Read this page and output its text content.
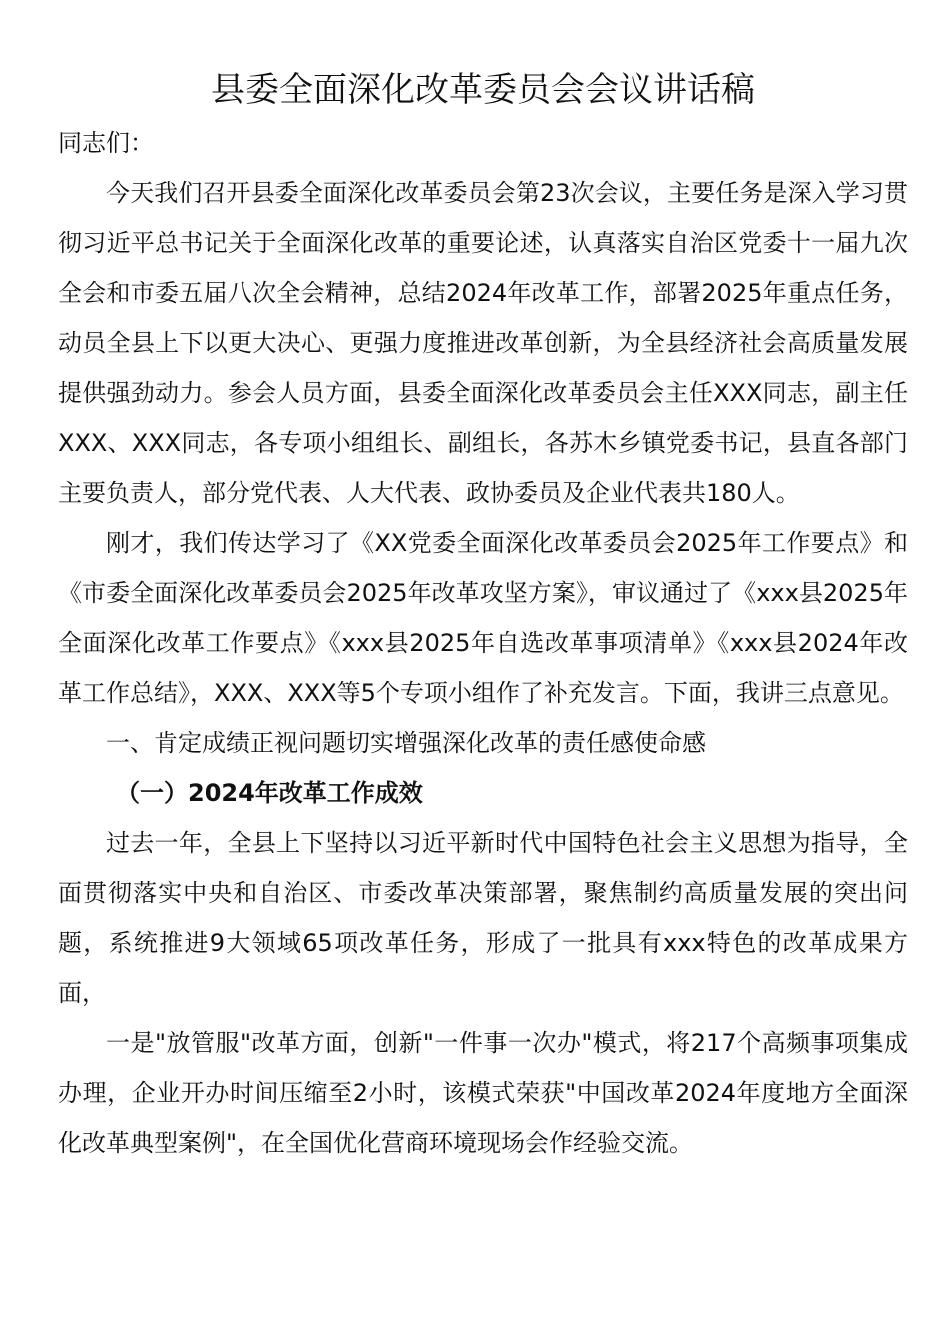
县委全面深化改革委员会会议讲话稿

同志们：

今天我们召开县委全面深化改革委员会第23次会议，主要任务是深入学习贯彻习近平总书记关于全面深化改革的重要论述，认真落实自治区党委十一届九次全会和市委五届八次全会精神，总结2024年改革工作，部署2025年重点任务，动员全县上下以更大决心、更强力度推进改革创新，为全县经济社会高质量发展提供强劲动力。参会人员方面，县委全面深化改革委员会主任XXX同志，副主任XXX、XXX同志，各专项小组组长、副组长，各苏木乡镇党委书记，县直各部门主要负责人，部分党代表、人大代表、政协委员及企业代表共180人。

刚才，我们传达学习了《XX党委全面深化改革委员会2025年工作要点》和《市委全面深化改革委员会2025年改革攻坚方案》，审议通过了《xxx县2025年全面深化改革工作要点》《xxx县2025年自选改革事项清单》《xxx县2024年改革工作总结》，XXX、XXX等5个专项小组作了补充发言。下面，我讲三点意见。

一、肯定成绩正视问题切实增强深化改革的责任感使命感

（一）2024年改革工作成效

过去一年，全县上下坚持以习近平新时代中国特色社会主义思想为指导，全面贯彻落实中央和自治区、市委改革决策部署，聚焦制约高质量发展的突出问题，系统推进9大领域65项改革任务，形成了一批具有xxx特色的改革成果方面，

一是"放管服"改革方面，创新"一件事一次办"模式，将217个高频事项集成办理，企业开办时间压缩至2小时，该模式荣获"中国改革2024年度地方全面深化改革典型案例"，在全国优化营商环境现场会作经验交流。
